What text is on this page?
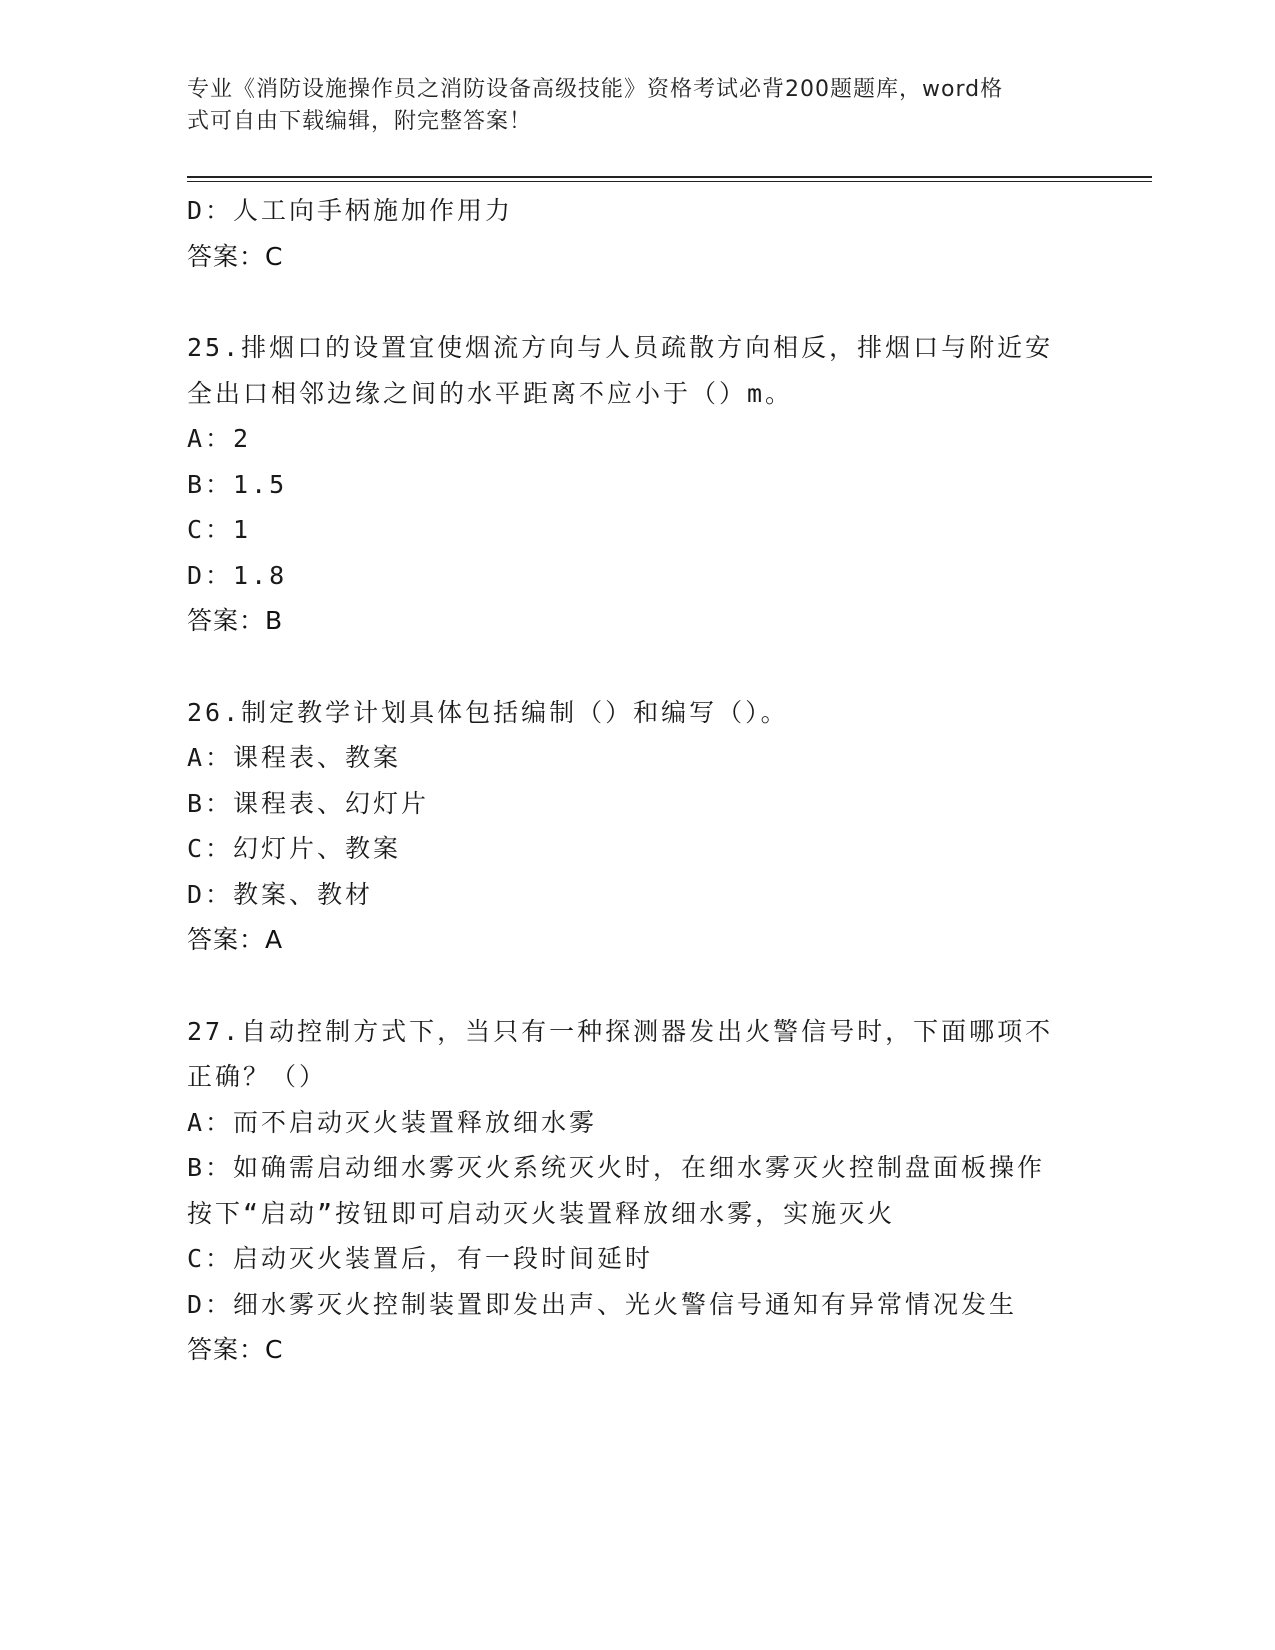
专业《消防设施操作员之消防设备高级技能》资格考试必背200题题库，word格
式可自由下载编辑，附完整答案！
D：人工向手柄施加作用力
答案：C
25.排烟口的设置宜使烟流方向与人员疏散方向相反，排烟口与附近安
全出口相邻边缘之间的水平距离不应小于（）m。
A：2
B：1.5
C：1
D：1.8
答案：B
26.制定教学计划具体包括编制（）和编写（）。
A：课程表、教案
B：课程表、幻灯片
C：幻灯片、教案
D：教案、教材
答案：A
27.自动控制方式下，当只有一种探测器发出火警信号时，下面哪项不
正确？（）
A：而不启动灭火装置释放细水雾
B：如确需启动细水雾灭火系统灭火时，在细水雾灭火控制盘面板操作
按下“启动”按钮即可启动灭火装置释放细水雾，实施灭火
C：启动灭火装置后，有一段时间延时
D：细水雾灭火控制装置即发出声、光火警信号通知有异常情况发生
答案：C
